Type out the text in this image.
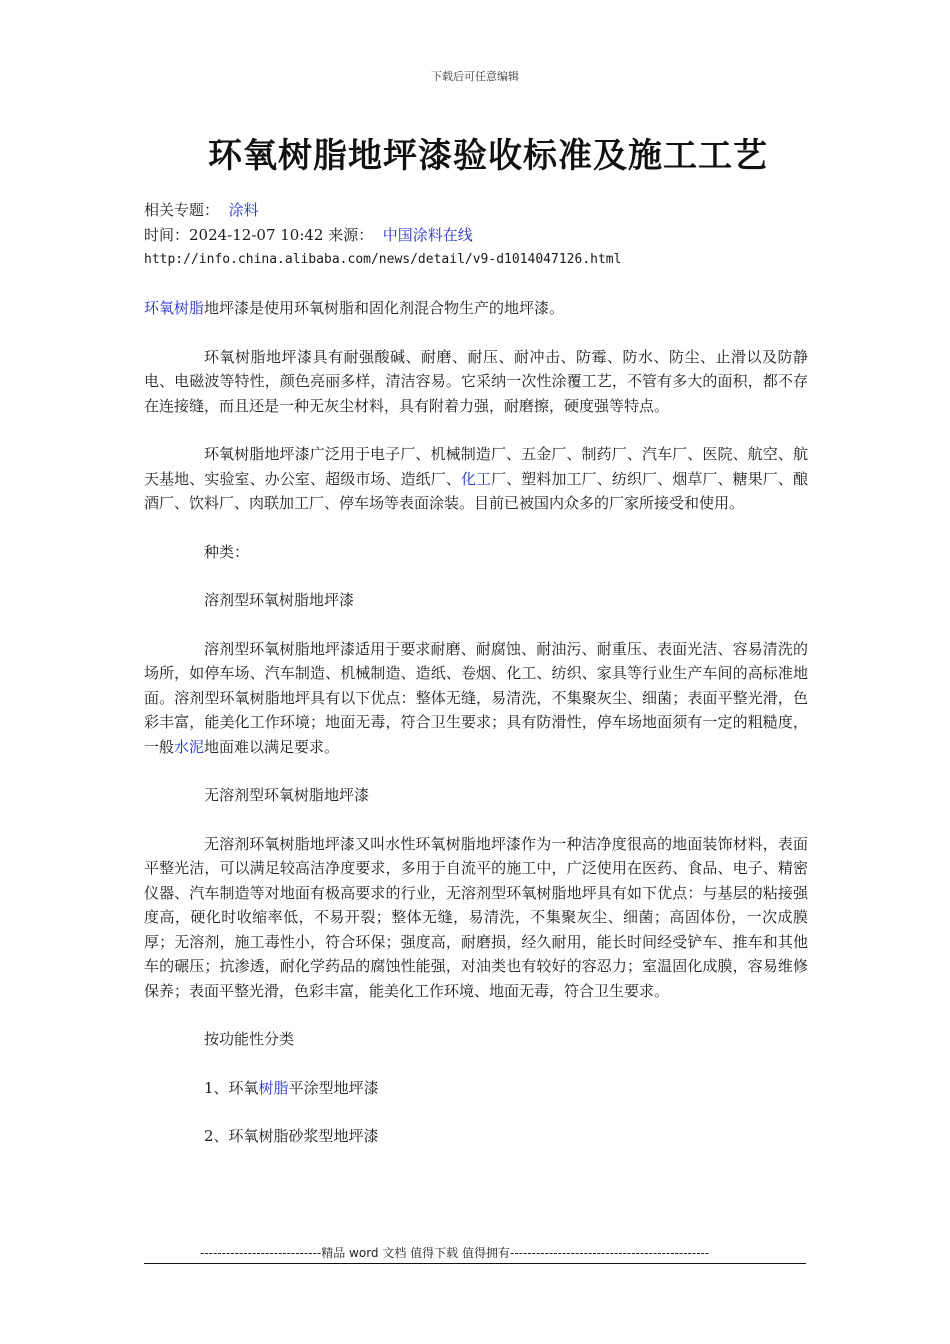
下载后可任意编辑
环氧树脂地坪漆验收标准及施工工艺
相关专题： 涂料
时间：2024-12-07 10:42 来源： 中国涂料在线
http://info.china.alibaba.com/news/detail/v9-d1014047126.html

环氧树脂地坪漆是使用环氧树脂和固化剂混合物生产的地坪漆。

环氧树脂地坪漆具有耐强酸碱、耐磨、耐压、耐冲击、防霉、防水、防尘、止滑以及防静电、电磁波等特性，颜色亮丽多样，清洁容易。它采纳一次性涂覆工艺，不管有多大的面积，都不存在连接缝，而且还是一种无灰尘材料，具有附着力强，耐磨擦，硬度强等特点。

环氧树脂地坪漆广泛用于电子厂、机械制造厂、五金厂、制药厂、汽车厂、医院、航空、航天基地、实验室、办公室、超级市场、造纸厂、化工厂、塑料加工厂、纺织厂、烟草厂、糖果厂、酿酒厂、饮料厂、肉联加工厂、停车场等表面涂装。目前已被国内众多的厂家所接受和使用。

种类：

溶剂型环氧树脂地坪漆

溶剂型环氧树脂地坪漆适用于要求耐磨、耐腐蚀、耐油污、耐重压、表面光洁、容易清洗的场所，如停车场、汽车制造、机械制造、造纸、卷烟、化工、纺织、家具等行业生产车间的高标准地面。溶剂型环氧树脂地坪具有以下优点：整体无缝，易清洗，不集聚灰尘、细菌；表面平整光滑，色彩丰富，能美化工作环境；地面无毒，符合卫生要求；具有防滑性，停车场地面须有一定的粗糙度，一般水泥地面难以满足要求。

无溶剂型环氧树脂地坪漆

无溶剂环氧树脂地坪漆又叫水性环氧树脂地坪漆作为一种洁净度很高的地面装饰材料，表面平整光洁，可以满足较高洁净度要求，多用于自流平的施工中，广泛使用在医药、食品、电子、精密仪器、汽车制造等对地面有极高要求的行业，无溶剂型环氧树脂地坪具有如下优点：与基层的粘接强度高，硬化时收缩率低，不易开裂；整体无缝，易清洗，不集聚灰尘、细菌；高固体份，一次成膜厚；无溶剂，施工毒性小，符合环保；强度高，耐磨损，经久耐用，能长时间经受铲车、推车和其他车的碾压；抗渗透，耐化学药品的腐蚀性能强，对油类也有较好的容忍力；室温固化成膜，容易维修保养；表面平整光滑，色彩丰富，能美化工作环境、地面无毒，符合卫生要求。

按功能性分类

1、环氧树脂平涂型地坪漆

2、环氧树脂砂浆型地坪漆

----------------------------精品 word 文档 值得下载 值得拥有----------------------------------------------
